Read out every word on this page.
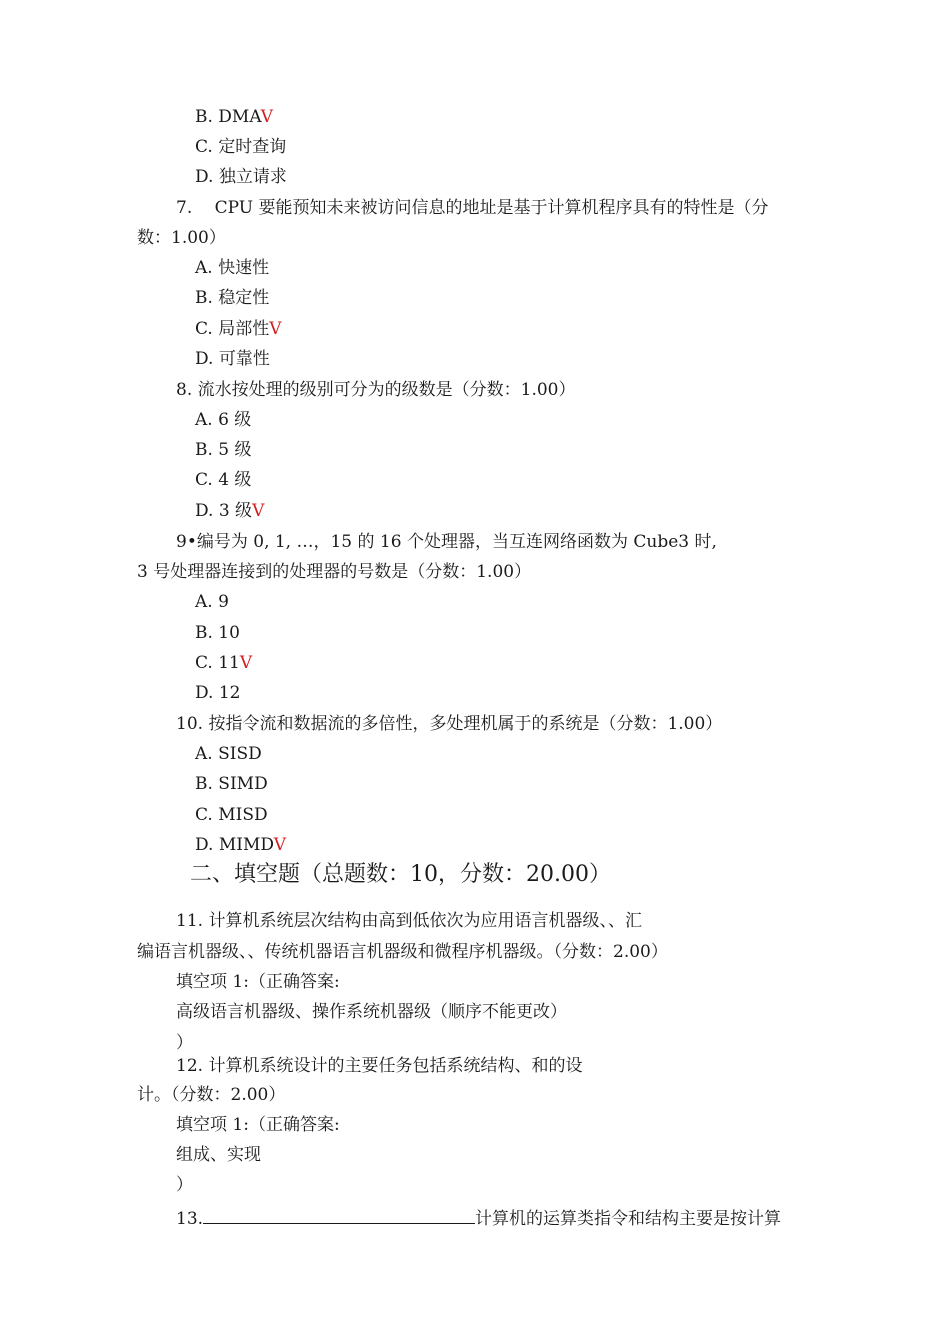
B. DMAV
C. 定时查询
D. 独立请求
7.　 CPU 要能预知未来被访问信息的地址是基于计算机程序具有的特性是（分
数：1.00）
A. 快速性
B. 稳定性
C. 局部性V
D. 可靠性
8. 流水按处理的级别可分为的级数是（分数：1.00）
A. 6 级
B. 5 级
C. 4 级
D. 3 级V
9•编号为 0, 1, …，15 的 16 个处理器，当互连网络函数为 Cube3 时,
3 号处理器连接到的处理器的号数是（分数：1.00）
A. 9
B. 10
C. 11V
D. 12
10. 按指令流和数据流的多倍性，多处理机属于的系统是（分数：1.00）
A. SISD
B. SIMD
C. MISD
D. MIMDV
二、填空题（总题数：10，分数：20.00）
11. 计算机系统层次结构由高到低依次为应用语言机器级、、汇
编语言机器级、、传统机器语言机器级和微程序机器级。（分数：2.00）
填空项 1:（正确答案:
高级语言机器级、操作系统机器级（顺序不能更改）
）
12. 计算机系统设计的主要任务包括系统结构、和的设
计。（分数：2.00）
填空项 1:（正确答案:
组成、实现
）
13.	计算机的运算类指令和结构主要是按计算
